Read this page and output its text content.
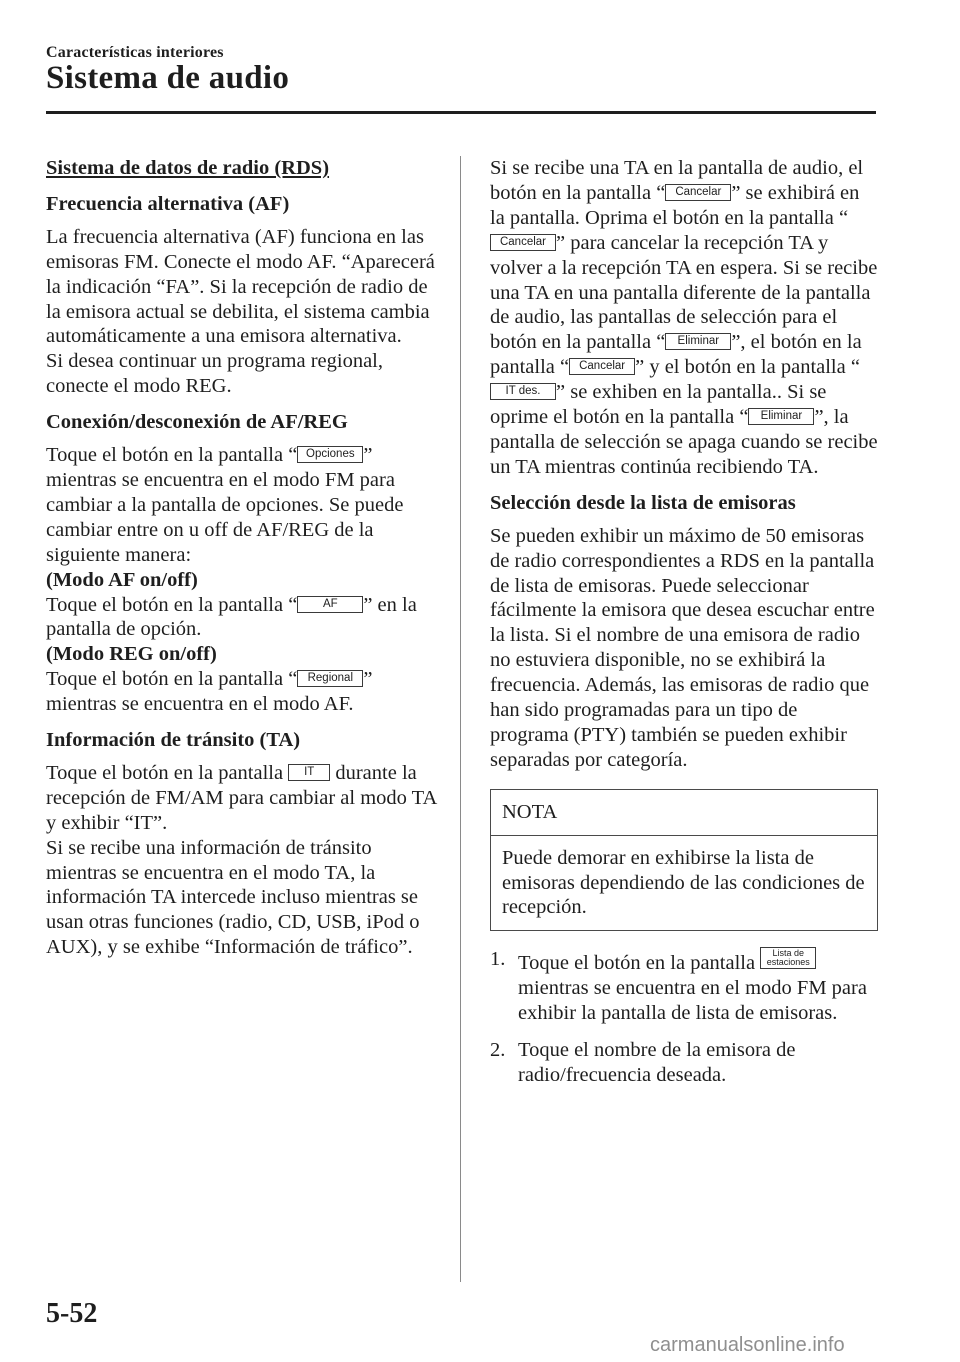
Características interiores
Sistema de audio
Sistema de datos de radio (RDS)
Frecuencia alternativa (AF)

La frecuencia alternativa (AF) funciona en las emisoras FM. Conecte el modo AF. “Aparecerá la indicación “FA”. Si la recepción de radio de la emisora actual se debilita, el sistema cambia automáticamente a una emisora alternativa.
Si desea continuar un programa regional, conecte el modo REG.

Conexión/desconexión de AF/REG

Toque el botón en la pantalla “ Opciones ” mientras se encuentra en el modo FM para cambiar a la pantalla de opciones. Se puede cambiar entre on u off de AF/REG de la siguiente manera:

(Modo AF on/off)

Toque el botón en la pantalla “ AF ” en la pantalla de opción.

(Modo REG on/off)

Toque el botón en la pantalla “ Regional ” mientras se encuentra en el modo AF.

Información de tránsito (TA)

Toque el botón en la pantalla IT durante la recepción de FM/AM para cambiar al modo TA y exhibir “IT”.

Si se recibe una información de tránsito mientras se encuentra en el modo TA, la información TA intercede incluso mientras se usan otras funciones (radio, CD, USB, iPod o AUX), y se exhibe “Información de tráfico”.

Si se recibe una TA en la pantalla de audio, el botón en la pantalla “ Cancelar ” se exhibirá en la pantalla. Oprima el botón en la pantalla “Cancelar ” para cancelar la recepción TA y volver a la recepción TA en espera. Si se recibe una TA en una pantalla diferente de la pantalla de audio, las pantallas de selección para el botón en la pantalla “ Eliminar ”, el botón en la pantalla “ Cancelar ” y el botón en la pantalla “IT des. ” se exhiben en la pantalla.. Si se oprime el botón en la pantalla “ Eliminar ”, la pantalla de selección se apaga cuando se recibe un TA mientras continúa recibiendo TA.

Selección desde la lista de emisoras

Se pueden exhibir un máximo de 50 emisoras de radio correspondientes a RDS en la pantalla de lista de emisoras. Puede seleccionar fácilmente la emisora que desea escuchar entre la lista. Si el nombre de una emisora de radio no estuviera disponible, no se exhibirá la frecuencia. Además, las emisoras de radio que han sido programadas para un tipo de programa (PTY) también se pueden exhibir separadas por categoría.

NOTA
Puede demorar en exhibirse la lista de emisoras dependiendo de las condiciones de recepción.
1. Toque el botón en la pantalla Lista de
estaciones mientras se encuentra en el modo FM para exhibir la pantalla de lista de emisoras.
2. Toque el nombre de la emisora de radio/frecuencia deseada.
5-52
carmanualsonline.info
